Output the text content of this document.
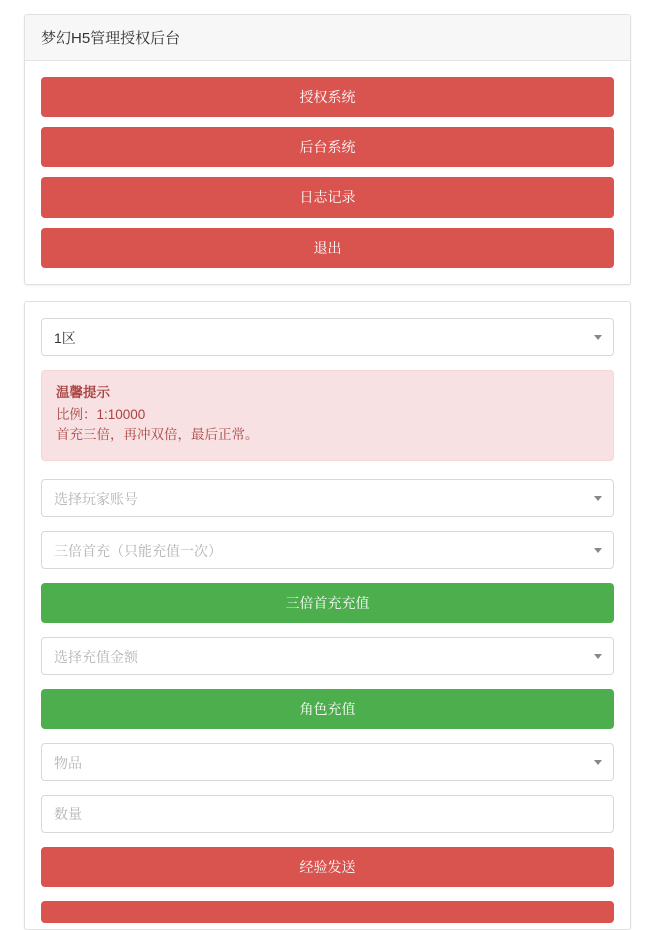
梦幻H5管理授权后台
授权系统
后台系统
日志记录
退出
1区
温馨提示
比例：1:10000
首充三倍，再冲双倍，最后正常。
选择玩家账号
三倍首充（只能充值一次）
三倍首充充值
选择充值金额
角色充值
物品
数量
经验发送
